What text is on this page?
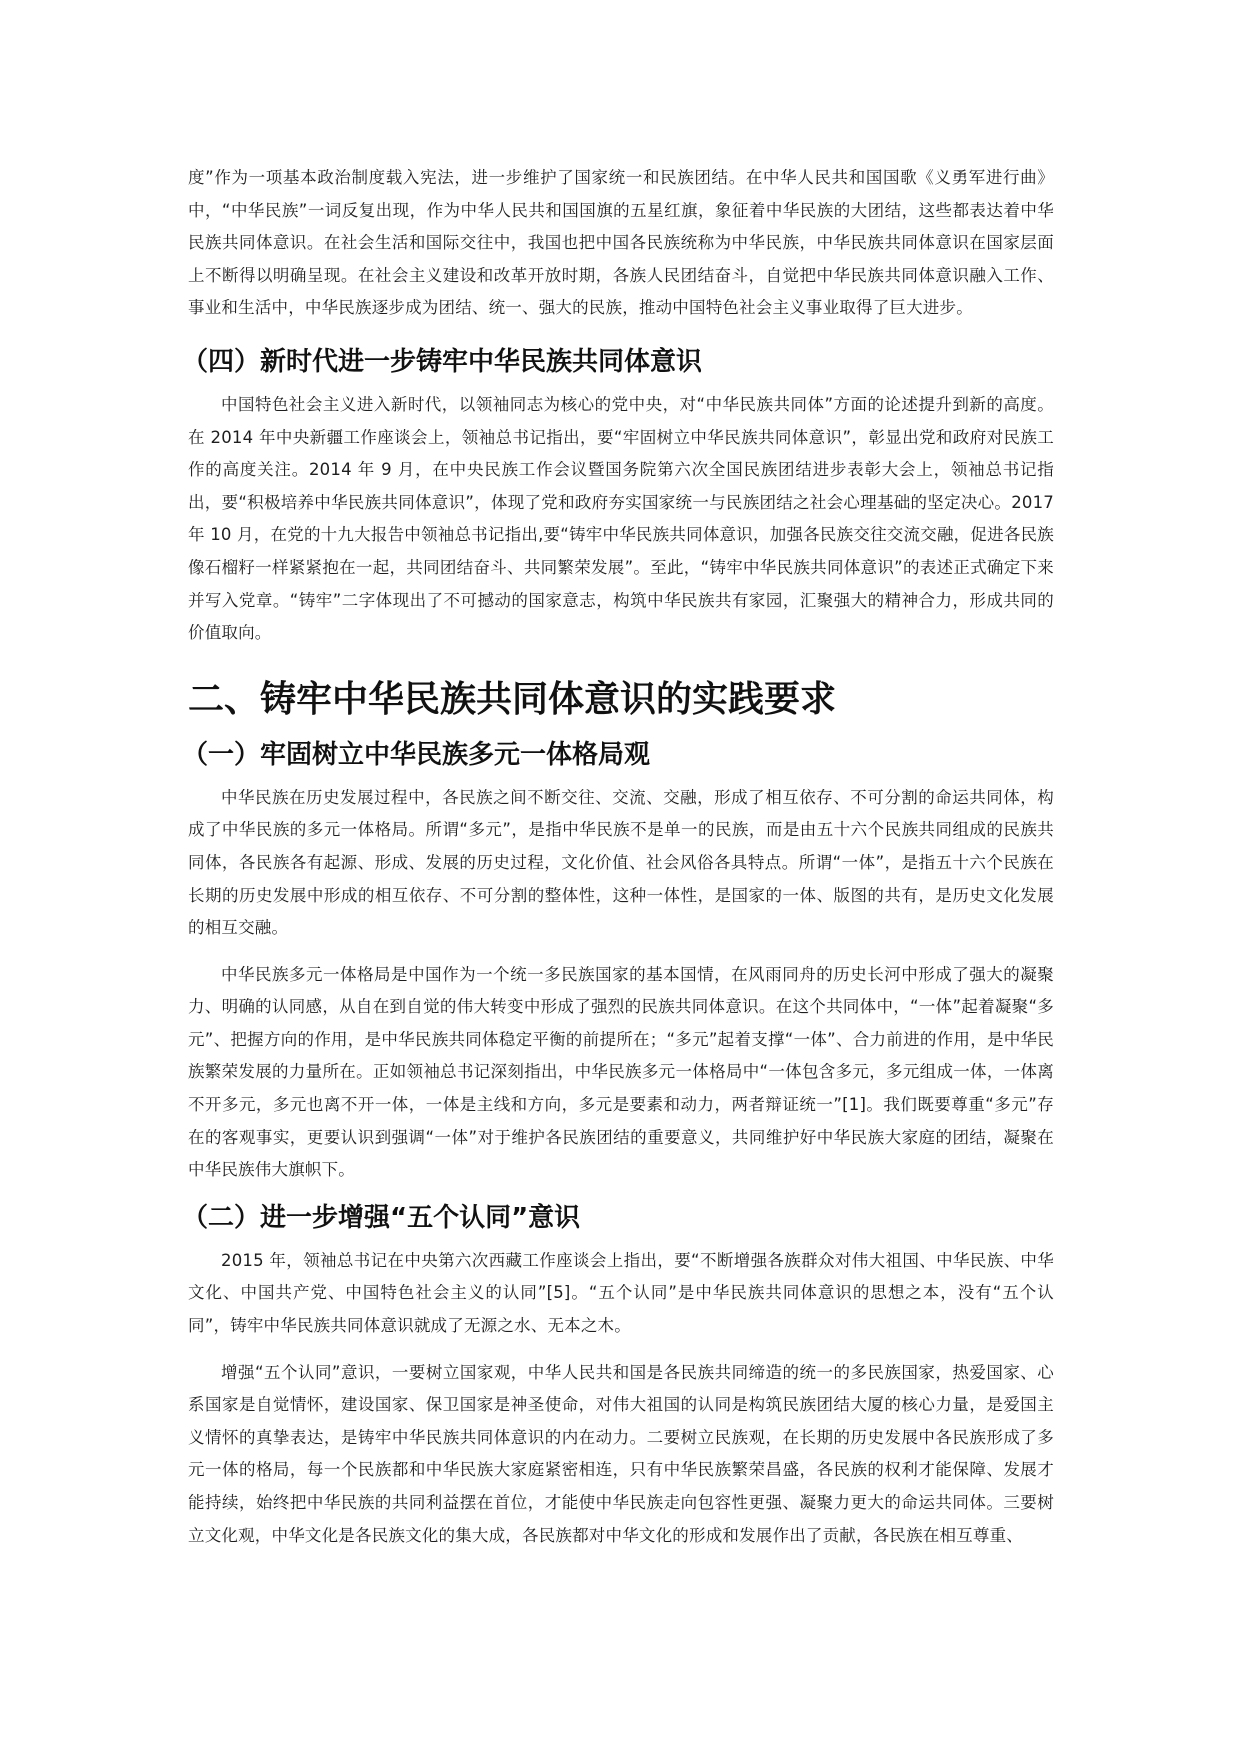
度”作为一项基本政治制度载入宪法，进一步维护了国家统一和民族团结。在中华人民共和国国歌《义勇军进行曲》中，“中华民族”一词反复出现，作为中华人民共和国国旗的五星红旗，象征着中华民族的大团结，这些都表达着中华民族共同体意识。在社会生活和国际交往中，我国也把中国各民族统称为中华民族，中华民族共同体意识在国家层面上不断得以明确呈现。在社会主义建设和改革开放时期，各族人民团结奋斗，自觉把中华民族共同体意识融入工作、事业和生活中，中华民族逐步成为团结、统一、强大的民族，推动中国特色社会主义事业取得了巨大进步。

（四）新时代进一步铸牢中华民族共同体意识

中国特色社会主义进入新时代，以领袖同志为核心的党中央，对“中华民族共同体”方面的论述提升到新的高度。在 2014 年中央新疆工作座谈会上，领袖总书记指出，要“牢固树立中华民族共同体意识”，彰显出党和政府对民族工作的高度关注。2014 年 9 月，在中央民族工作会议暨国务院第六次全国民族团结进步表彰大会上，领袖总书记指出，要“积极培养中华民族共同体意识”，体现了党和政府夯实国家统一与民族团结之社会心理基础的坚定决心。2017 年 10 月，在党的十九大报告中领袖总书记指出,要“铸牢中华民族共同体意识，加强各民族交往交流交融，促进各民族像石榴籽一样紧紧抱在一起，共同团结奋斗、共同繁荣发展”。至此，“铸牢中华民族共同体意识”的表述正式确定下来并写入党章。“铸牢”二字体现出了不可撼动的国家意志，构筑中华民族共有家园，汇聚强大的精神合力，形成共同的价值取向。

二、铸牢中华民族共同体意识的实践要求
（一）牢固树立中华民族多元一体格局观

中华民族在历史发展过程中，各民族之间不断交往、交流、交融，形成了相互依存、不可分割的命运共同体，构成了中华民族的多元一体格局。所谓“多元”，是指中华民族不是单一的民族，而是由五十六个民族共同组成的民族共同体，各民族各有起源、形成、发展的历史过程，文化价值、社会风俗各具特点。所谓“一体”，是指五十六个民族在长期的历史发展中形成的相互依存、不可分割的整体性，这种一体性，是国家的一体、版图的共有，是历史文化发展的相互交融。

中华民族多元一体格局是中国作为一个统一多民族国家的基本国情，在风雨同舟的历史长河中形成了强大的凝聚力、明确的认同感，从自在到自觉的伟大转变中形成了强烈的民族共同体意识。在这个共同体中，“一体”起着凝聚“多元”、把握方向的作用，是中华民族共同体稳定平衡的前提所在；“多元”起着支撑“一体”、合力前进的作用，是中华民族繁荣发展的力量所在。正如领袖总书记深刻指出，中华民族多元一体格局中“一体包含多元，多元组成一体，一体离不开多元，多元也离不开一体，一体是主线和方向，多元是要素和动力，两者辩证统一”[1]。我们既要尊重“多元”存在的客观事实，更要认识到强调“一体”对于维护各民族团结的重要意义，共同维护好中华民族大家庭的团结，凝聚在中华民族伟大旗帜下。

（二）进一步增强“五个认同”意识

2015 年，领袖总书记在中央第六次西藏工作座谈会上指出，要“不断增强各族群众对伟大祖国、中华民族、中华文化、中国共产党、中国特色社会主义的认同”[5]。“五个认同”是中华民族共同体意识的思想之本，没有“五个认同”，铸牢中华民族共同体意识就成了无源之水、无本之木。

增强“五个认同”意识，一要树立国家观，中华人民共和国是各民族共同缔造的统一的多民族国家，热爱国家、心系国家是自觉情怀，建设国家、保卫国家是神圣使命，对伟大祖国的认同是构筑民族团结大厦的核心力量，是爱国主义情怀的真挚表达，是铸牢中华民族共同体意识的内在动力。二要树立民族观，在长期的历史发展中各民族形成了多元一体的格局，每一个民族都和中华民族大家庭紧密相连，只有中华民族繁荣昌盛，各民族的权利才能保障、发展才能持续，始终把中华民族的共同利益摆在首位，才能使中华民族走向包容性更强、凝聚力更大的命运共同体。三要树立文化观，中华文化是各民族文化的集大成，各民族都对中华文化的形成和发展作出了贡献，各民族在相互尊重、
